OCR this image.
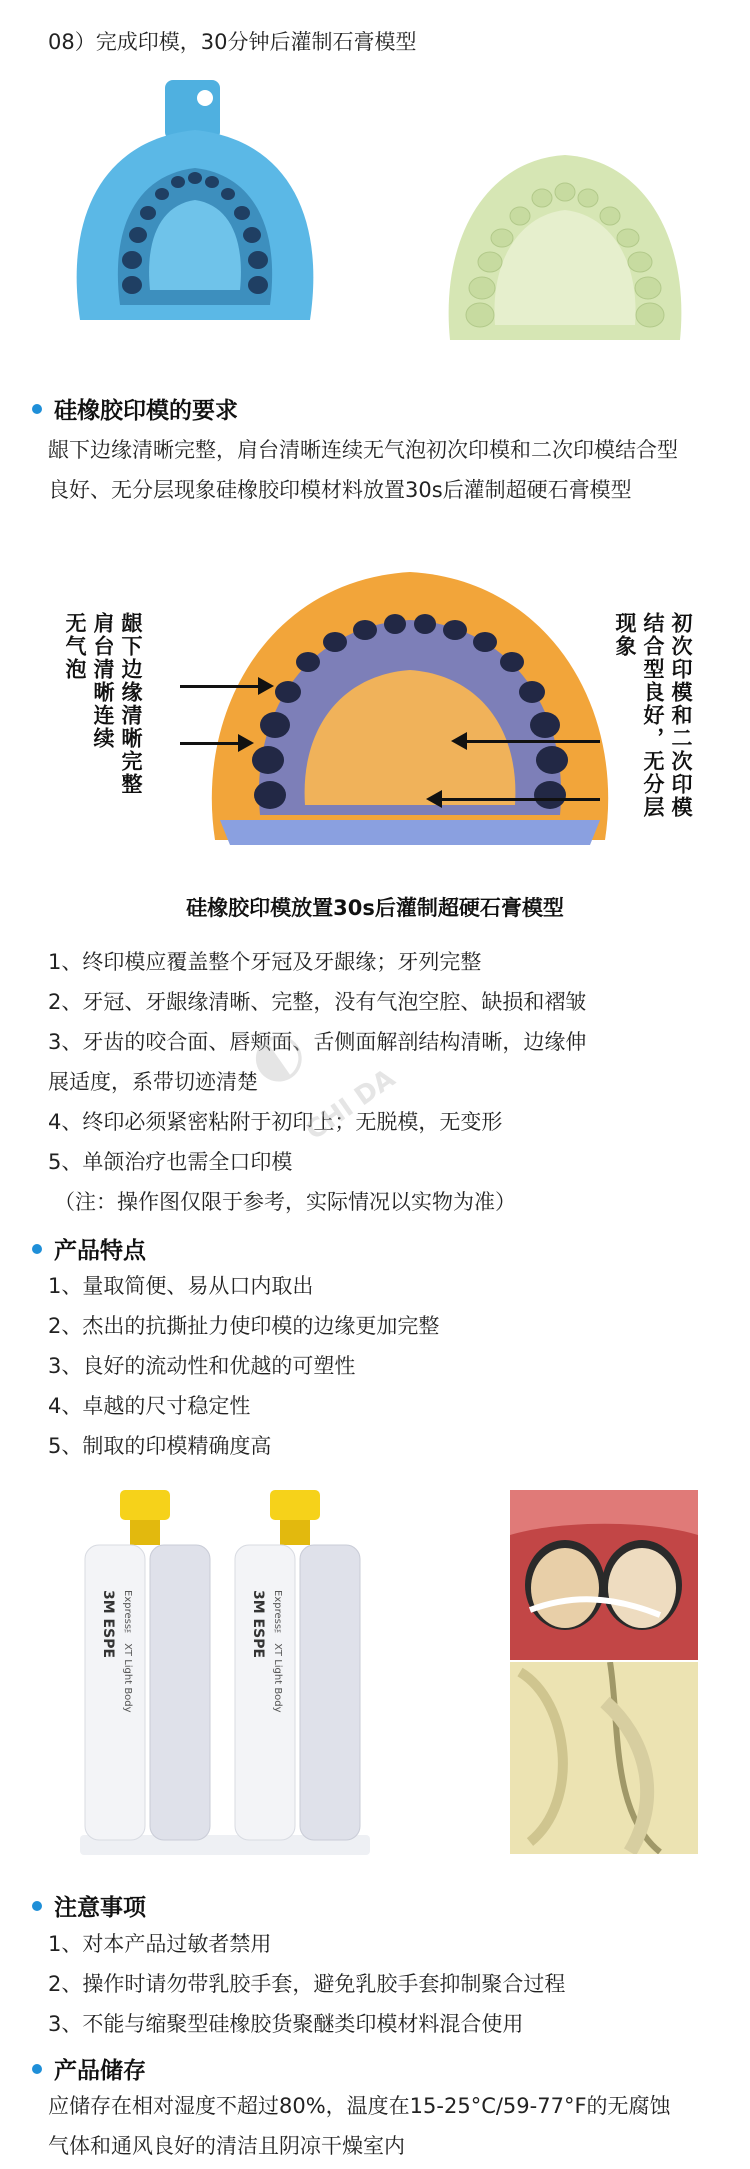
08）完成印模，30分钟后灌制石膏模型
硅橡胶印模的要求
龈下边缘清晰完整，肩台清晰连续无气泡初次印模和二次印模结合型良好、无分层现象硅橡胶印模材料放置30s后灌制超硬石膏模型
龈下边缘清晰完整
肩台清晰连续
无气泡	初次印模和二次印模
结合型良好，无分层
现象
硅橡胶印模放置30s后灌制超硬石膏模型
1、终印模应覆盖整个牙冠及牙龈缘；牙列完整
2、牙冠、牙龈缘清晰、完整，没有气泡空腔、缺损和褶皱
3、牙齿的咬合面、唇颊面、舌侧面解剖结构清晰，边缘伸
展适度，系带切迹清楚
4、终印必须紧密粘附于初印上；无脱模，无变形
5、单颌治疗也需全口印模
（注：操作图仅限于参考，实际情况以实物为准）
产品特点
1、量取简便、易从口内取出
2、杰出的抗撕扯力使印模的边缘更加完整
3、良好的流动性和优越的可塑性
4、卓越的尺寸稳定性
5、制取的印模精确度高
◐
CHI DA
3M ESPE Express™ XT Light Body	3M ESPE Express™ XT Light Body
注意事项
1、对本产品过敏者禁用
2、操作时请勿带乳胶手套，避免乳胶手套抑制聚合过程
3、不能与缩聚型硅橡胶货聚醚类印模材料混合使用
产品储存
应储存在相对湿度不超过80%，温度在15-25°C/59-77°F的无腐蚀气体和通风良好的清洁且阴凉干燥室内
